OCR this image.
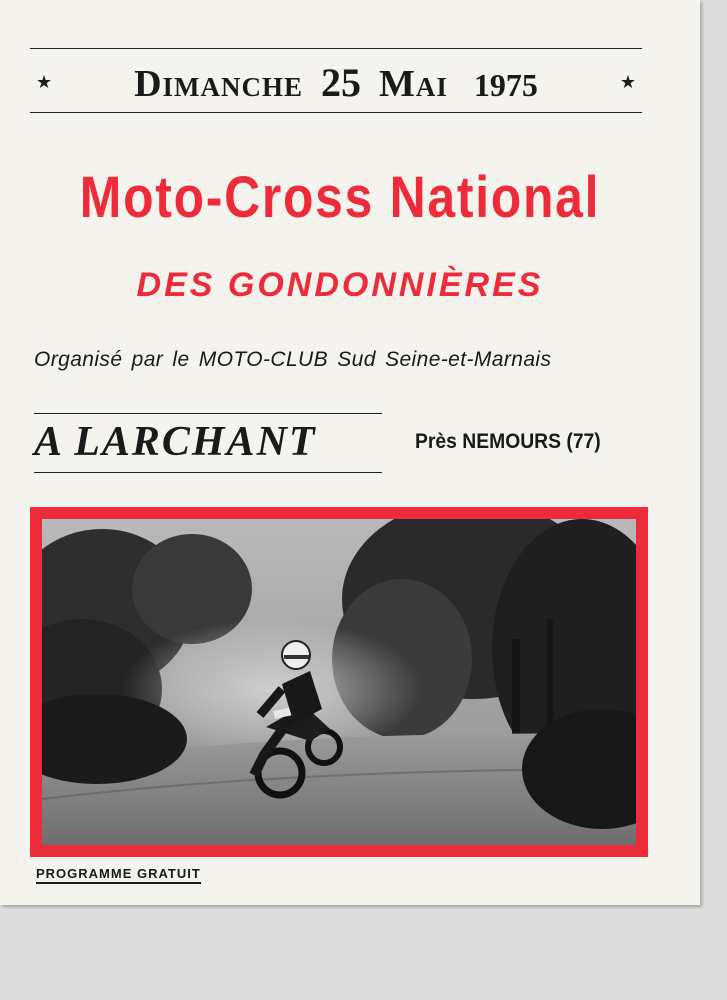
★ Dimanche 25 Mai 1975	★
Moto-Cross National
DES GONDONNIÈRES
Organisé par le MOTO-CLUB Sud Seine-et-Marnais
A LARCHANT	Près NEMOURS (77)
PROGRAMME GRATUIT
